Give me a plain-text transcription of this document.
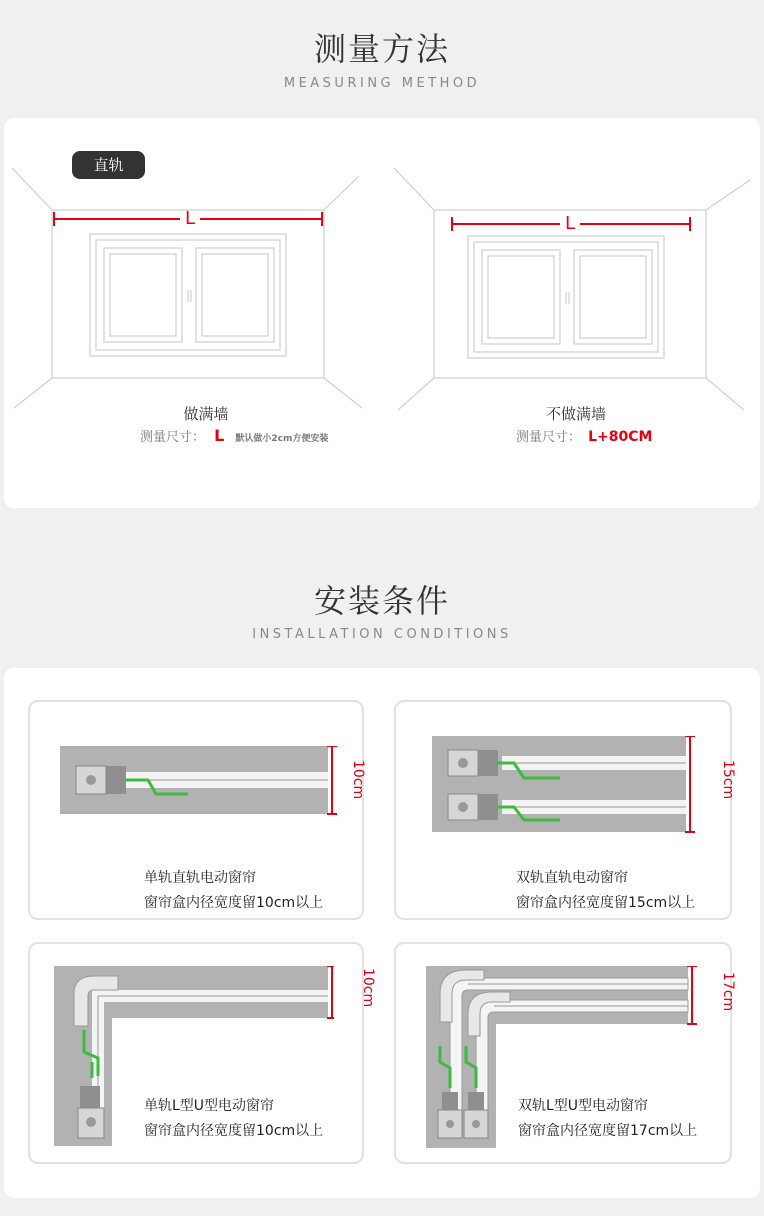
测量方法
MEASURING METHOD
直轨
L	L
做满墙
测量尺寸： L 默认做小2cm方便安装
不做满墙
测量尺寸： L+80CM
安装条件
INSTALLATION CONDITIONS
10cm
单轨直轨电动窗帘
窗帘盒内径宽度留10cm以上
15cm
双轨直轨电动窗帘
窗帘盒内径宽度留15cm以上
10cm
单轨L型U型电动窗帘
窗帘盒内径宽度留10cm以上
17cm
双轨L型U型电动窗帘
窗帘盒内径宽度留17cm以上
